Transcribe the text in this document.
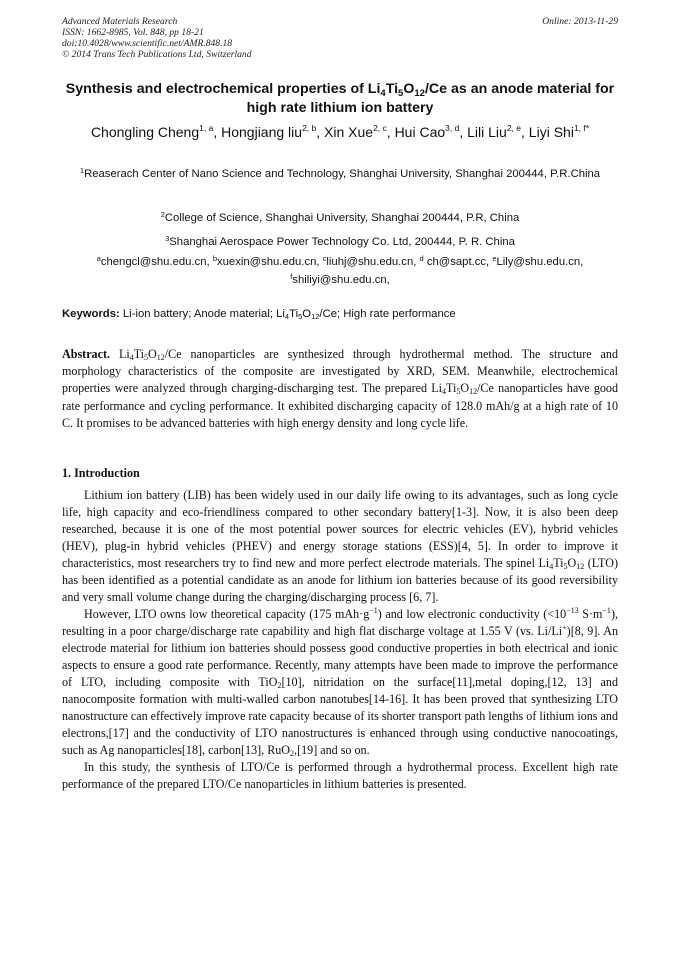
Advanced Materials Research
ISSN: 1662-8985, Vol. 848, pp 18-21
doi:10.4028/www.scientific.net/AMR.848.18
© 2014 Trans Tech Publications Ltd, Switzerland
Online: 2013-11-29
Synthesis and electrochemical properties of $Li_4Ti_5O_{12}/Ce$ as an anode material for high rate lithium ion battery
Chongling Cheng$^{1, a}$, Hongjiang liu$^{2, b}$, Xin Xue$^{2, c}$, Hui Cao$^{3, d}$, Lili Liu$^{2, e}$, Liyi Shi$^{1, f*}$
$^1$Reaserach Center of Nano Science and Technology, Shanghai University, Shanghai 200444, P.R.China
$^2$College of Science, Shanghai University, Shanghai 200444, P.R, China
$^3$Shanghai Aerospace Power Technology Co. Ltd, 200444, P. R. China
$^a$chengcl@shu.edu.cn, $^b$xuexin@shu.edu.cn, $^c$liuhj@shu.edu.cn, $^d$ ch@sapt.cc, $^e$Lily@shu.edu.cn,
$^f$shiliyi@shu.edu.cn,
Keywords: Li-ion battery; Anode material; $Li_4Ti_5O_{12}/Ce$; High rate performance
Abstract. $Li_4Ti_5O_{12}/Ce$ nanoparticles are synthesized through hydrothermal method. The structure and morphology characteristics of the composite are investigated by XRD, SEM. Meanwhile, electrochemical properties were analyzed through charging-discharging test. The prepared $Li_4Ti_5O_{12}/Ce$ nanoparticles have good rate performance and cycling performance. It exhibited discharging capacity of 128.0 mAh/g at a high rate of 10 C. It promises to be advanced batteries with high energy density and long cycle life.
1. Introduction

Lithium ion battery (LIB) has been widely used in our daily life owing to its advantages, such as long cycle life, high capacity and eco-friendliness compared to other secondary battery[1-3]. Now, it is also been deep researched, because it is one of the most potential power sources for electric vehicles (EV), hybrid vehicles (HEV), plug-in hybrid vehicles (PHEV) and energy storage stations (ESS)[4, 5]. In order to improve it characteristics, most researchers try to find new and more perfect electrode materials. The spinel $Li_4Ti_5O_{12}$ (LTO) has been identified as a potential candidate as an anode for lithium ion batteries because of its good reversibility and very small volume change during the charging/discharging process [6, 7].

However, LTO owns low theoretical capacity (175 $mAh\cdot g^{-1}$) and low electronic conductivity ($<10^{-13}$ $S\cdot m^{-1}$), resulting in a poor charge/discharge rate capability and high flat discharge voltage at 1.55 V (vs. Li/Li+)[8, 9]. An electrode material for lithium ion batteries should possess good conductive properties in both electrical and ionic aspects to ensure a good rate performance. Recently, many attempts have been made to improve the performance of LTO, including composite with TiO$_2$[10], nitridation on the surface[11],metal doping,[12, 13] and nanocomposite formation with multi-walled carbon nanotubes[14-16]. It has been proved that synthesizing LTO nanostructure can effectively improve rate capacity because of its shorter transport path lengths of lithium ions and electrons,[17] and the conductivity of LTO nanostructures is enhanced through using conductive nanocoatings, such as Ag nanoparticles[18], carbon[13], RuO$_2$,[19] and so on.

In this study, the synthesis of LTO/Ce is performed through a hydrothermal process. Excellent high rate performance of the prepared LTO/Ce nanoparticles in lithium batteries is presented.
